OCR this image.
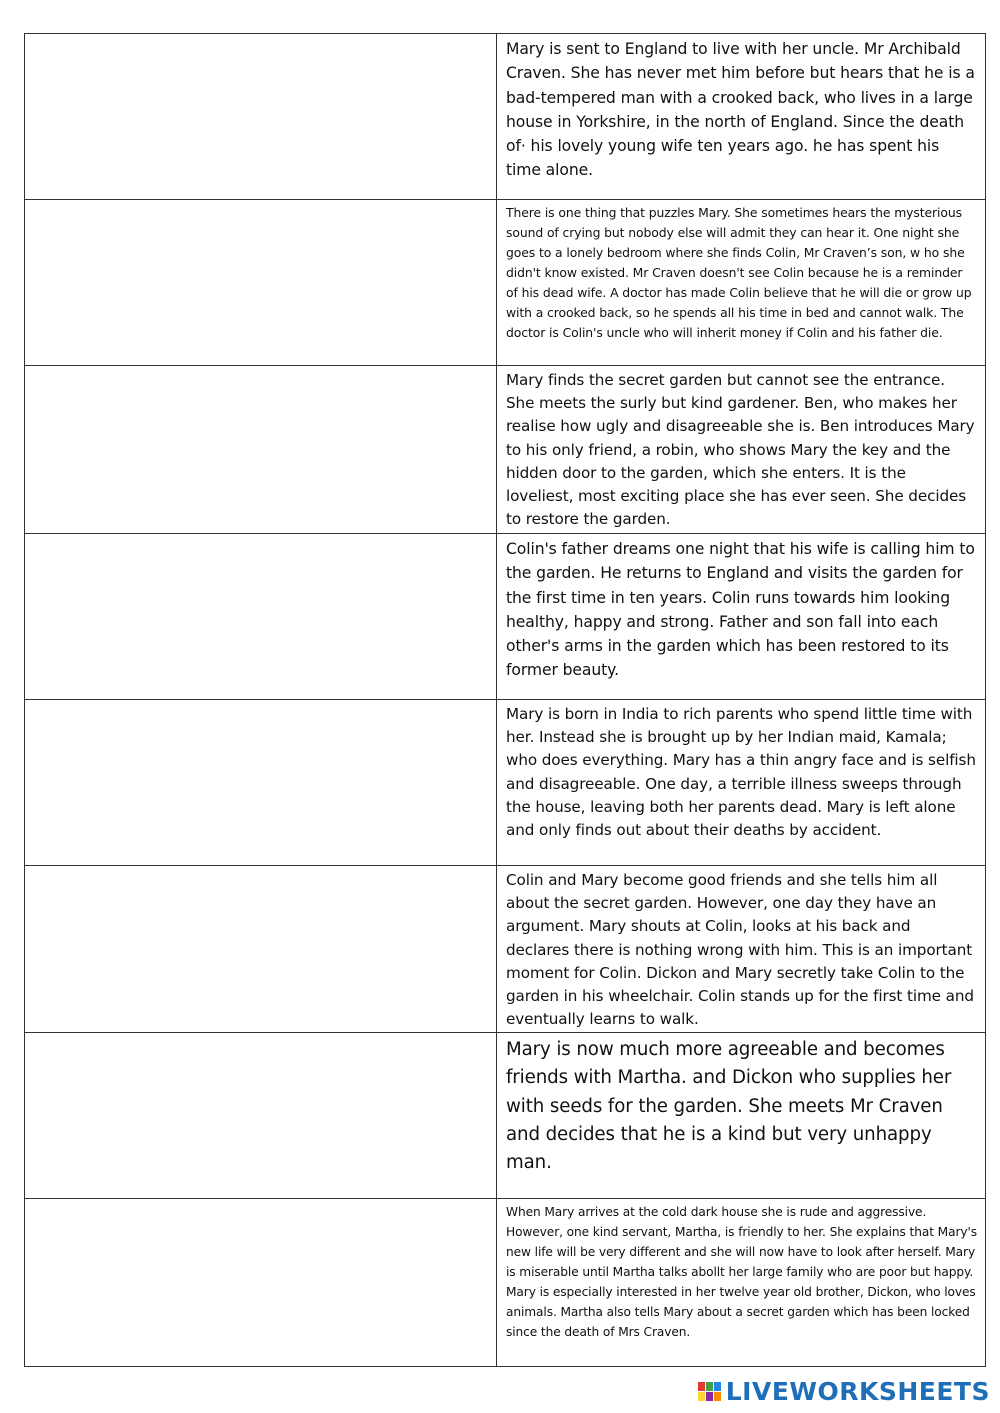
	Mary is sent to England to live with her uncle. Mr Archibald Craven. She has never met him before but hears that he is a bad-tempered man with a crooked back, who lives in a large house in Yorkshire, in the north of England. Since the death of· his lovely young wife ten years ago. he has spent his time alone.

	There is one thing that puzzles Mary. She sometimes hears the mysterious sound of crying but nobody else will admit they can hear it. One night she goes to a lonely bedroom where she finds Colin, Mr Craven’s son, w ho she didn't know existed. Mr Craven doesn't see Colin because he is a reminder of his dead wife. A doctor has made Colin believe that he will die or grow up with a crooked back, so he spends all his time in bed and cannot walk. The doctor is Colin's uncle who will inherit money if Colin and his father die.

	Mary finds the secret garden but cannot see the entrance. She meets the surly but kind gardener. Ben, who makes her realise how ugly and disagreeable she is. Ben introduces Mary to his only friend, a robin, who shows Mary the key and the hidden door to the garden, which she enters. It is the loveliest, most exciting place she has ever seen. She decides to restore the garden.

	Colin's father dreams one night that his wife is calling him to the garden. He returns to England and visits the garden for the first time in ten years. Colin runs towards him looking healthy, happy and strong. Father and son fall into each other's arms in the garden which has been restored to its former beauty.

	Mary is born in India to rich parents who spend little time with her. Instead she is brought up by her Indian maid, Kamala; who does everything. Mary has a thin angry face and is selfish and disagreeable. One day, a terrible illness sweeps through the house, leaving both her parents dead. Mary is left alone and only finds out about their deaths by accident.

	Colin and Mary become good friends and she tells him all about the secret garden. However, one day they have an argument. Mary shouts at Colin, looks at his back and declares there is nothing wrong with him. This is an important moment for Colin. Dickon and Mary secretly take Colin to the garden in his wheelchair. Colin stands up for the first time and eventually learns to walk.

	Mary is now much more agreeable and becomes friends with Martha. and Dickon who supplies her with seeds for the garden. She meets Mr Craven and decides that he is a kind but very unhappy man.

	When Mary arrives at the cold dark house she is rude and aggressive. However, one kind servant, Martha, is friendly to her. She explains that Mary's new life will be very different and she will now have to look after herself. Mary is miserable until Martha talks abollt her large family who are poor but happy. Mary is especially interested in her twelve year old brother, Dickon, who loves animals. Martha also tells Mary about a secret garden which has been locked since the death of Mrs Craven.

LIVEWORKSHEETS
